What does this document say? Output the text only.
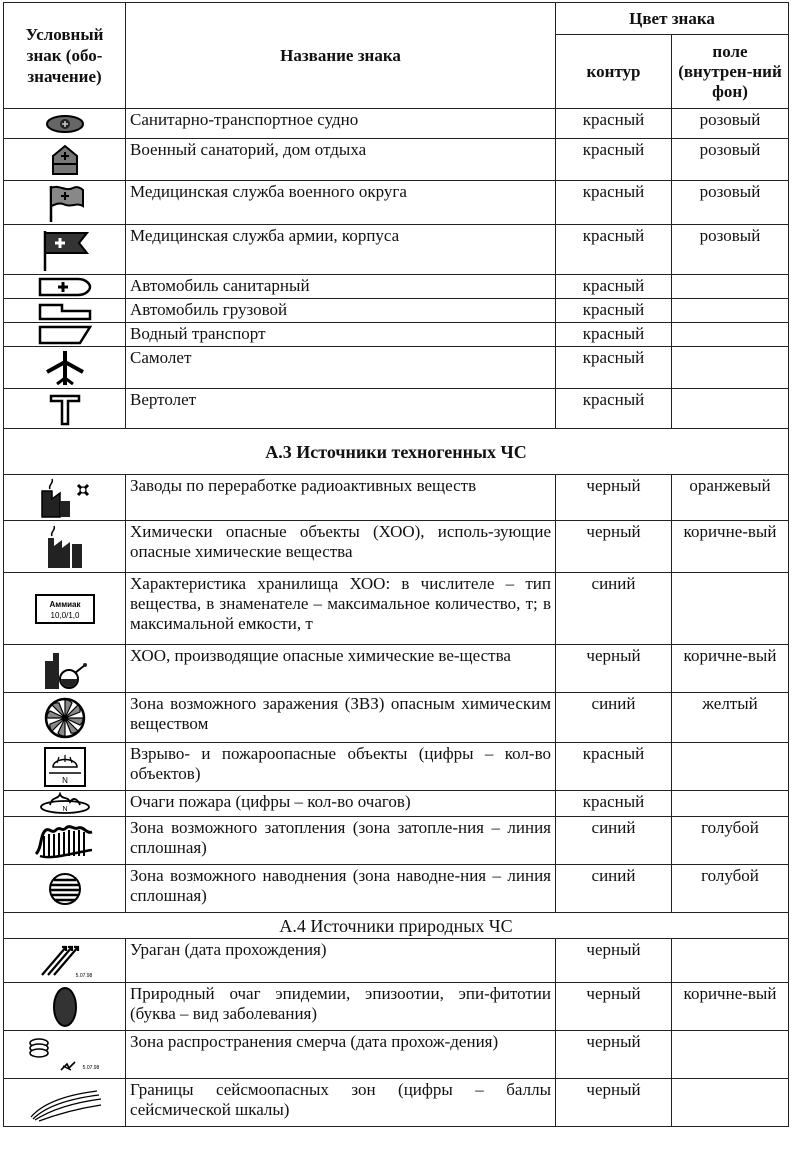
Условный знак (обо-значение)	Название знака	Цвет знака	
		контур	поле (внутрен-ний фон)

	Санитарно-транспортное судно	красный	розовый

	Военный санаторий, дом отдыха	красный	розовый

	Медицинская служба военного округа	красный	розовый

	Медицинская служба армии, корпуса	красный	розовый

	Автомобиль санитарный	красный	

	Автомобиль грузовой	красный	

	Водный транспорт	красный	

	Самолет	красный	

	Вертолет	красный	
А.3 Источники техногенных ЧС			

	Заводы по переработке радиоактивных веществ	черный	оранжевый

	Химически опасные объекты (ХОО), исполь-зующие опасные химические вещества	черный	коричне-вый

Аммиак
10,0/1,0	Характеристика хранилища ХОО: в числителе – тип вещества, в знаменателе – максимальное количество, т; в максимальной емкости, т	синий	

	ХОО, производящие опасные химические ве-щества	черный	коричне-вый

	Зона возможного заражения (ЗВЗ) опасным химическим веществом	синий	желтый

N	Взрыво- и пожароопасные объекты (цифры – кол-во объектов)	красный	

N	Очаги пожара (цифры – кол-во очагов)	красный	

	Зона возможного затопления (зона затопле-ния – линия сплошная)	синий	голубой

	Зона возможного наводнения (зона наводне-ния – линия сплошная)	синий	голубой
А.4 Источники природных ЧС			

5.07.98	Ураган (дата прохождения)	черный	

	Природный очаг эпидемии, эпизоотии, эпи-фитотии (буква – вид заболевания)	черный	коричне-вый

5.07.98	Зона распространения смерча (дата прохож-дения)	черный	

	Границы сейсмоопасных зон (цифры – баллы сейсмической шкалы)	черный	
